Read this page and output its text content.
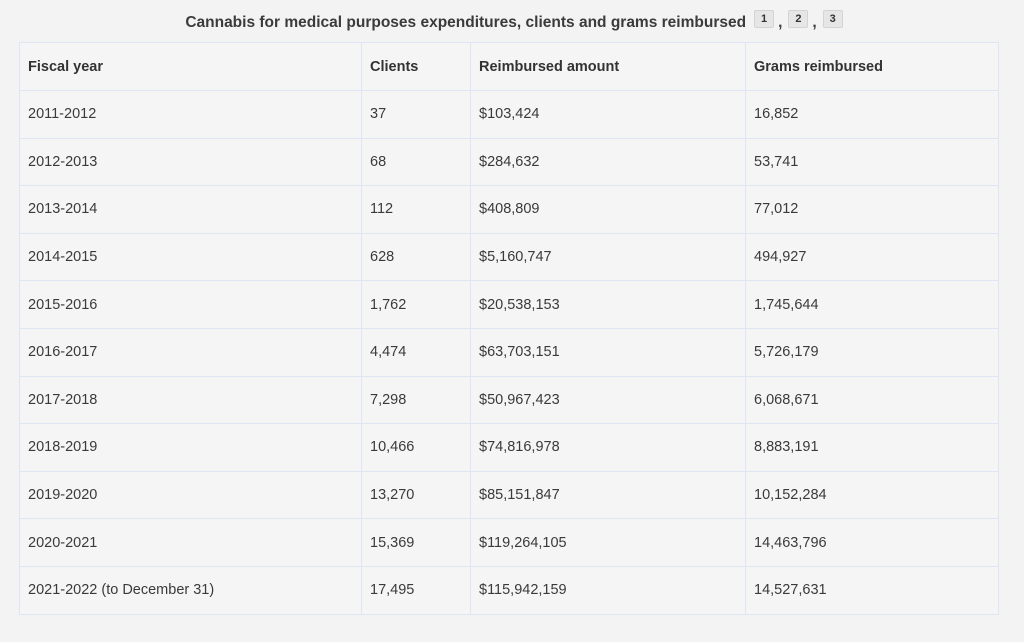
Cannabis for medical purposes expenditures, clients and grams reimbursed	1 ,	2 ,	3
Fiscal year	Clients	Reimbursed amount	Grams reimbursed
2011-2012	37	$103,424	16,852
2012-2013	68	$284,632	53,741
2013-2014	112	$408,809	77,012
2014-2015	628	$5,160,747	494,927
2015-2016	1,762	$20,538,153	1,745,644
2016-2017	4,474	$63,703,151	5,726,179
2017-2018	7,298	$50,967,423	6,068,671
2018-2019	10,466	$74,816,978	8,883,191
2019-2020	13,270	$85,151,847	10,152,284
2020-2021	15,369	$119,264,105	14,463,796
2021-2022 (to December 31)	17,495	$115,942,159	14,527,631
